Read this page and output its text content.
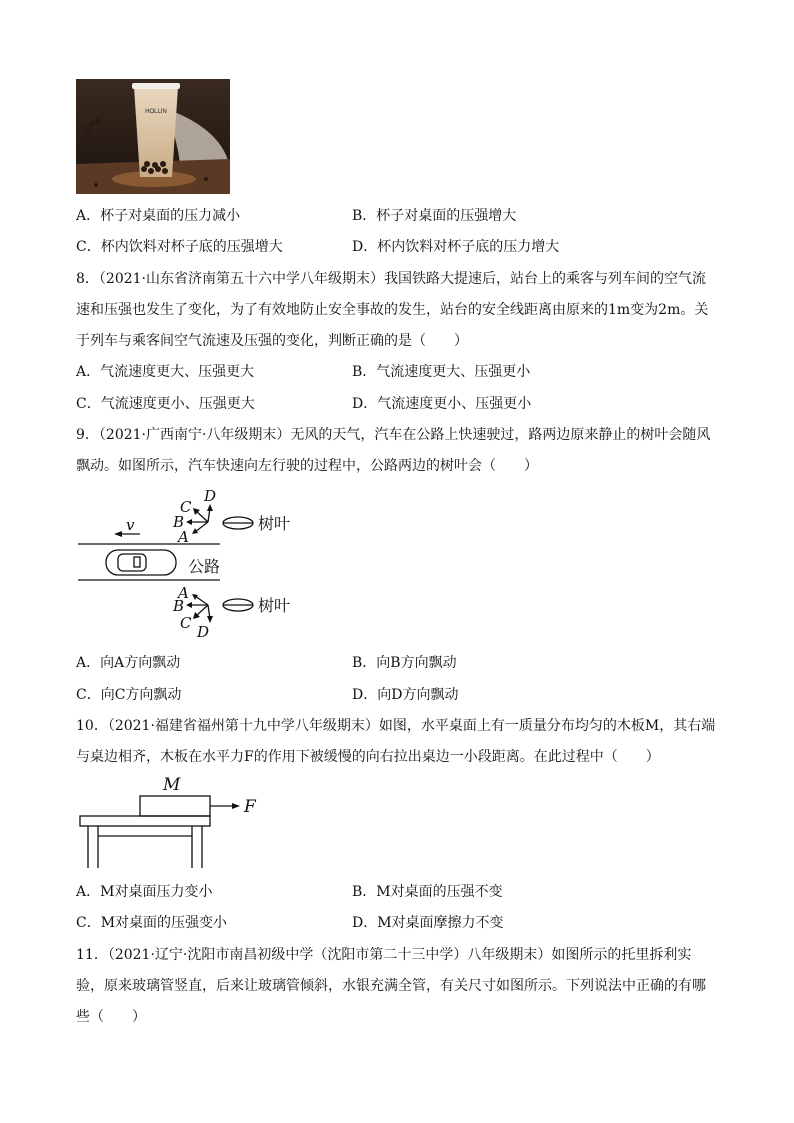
HOLLIN
A．杯子对桌面的压力减小	B．杯子对桌面的压强增大
C．杯内饮料对杯子底的压强增大	D．杯内饮料对杯子底的压力增大
8．（2021·山东省济南第五十六中学八年级期末）我国铁路大提速后，站台上的乘客与列车间的空气流速和压强也发生了变化，为了有效地防止安全事故的发生，站台的安全线距离由原来的1m变为2m。关于列车与乘客间空气流速及压强的变化，判断正确的是（　　）
A．气流速度更大、压强更大	B．气流速度更大、压强更小
C．气流速度更小、压强更大	D．气流速度更小、压强更小
9．（2021·广西南宁·八年级期末）无风的天气，汽车在公路上快速驶过，路两边原来静止的树叶会随风飘动。如图所示，汽车快速向左行驶的过程中，公路两边的树叶会（　　）
v
D
C
B
A
A
B
C D
公路
树叶
树叶
A．向A方向飘动	B．向B方向飘动
C．向C方向飘动	D．向D方向飘动
10．（2021·福建省福州第十九中学八年级期末）如图，水平桌面上有一质量分布均匀的木板M，其右端与桌边相齐，木板在水平力F的作用下被缓慢的向右拉出桌边一小段距离。在此过程中（　　）
M
F
A．M对桌面压力变小	B．M对桌面的压强不变
C．M对桌面的压强变小	D．M对桌面摩擦力不变
11．（2021·辽宁·沈阳市南昌初级中学（沈阳市第二十三中学）八年级期末）如图所示的托里拆利实验，原来玻璃管竖直，后来让玻璃管倾斜，水银充满全管，有关尺寸如图所示。下列说法中正确的有哪些（　　）
